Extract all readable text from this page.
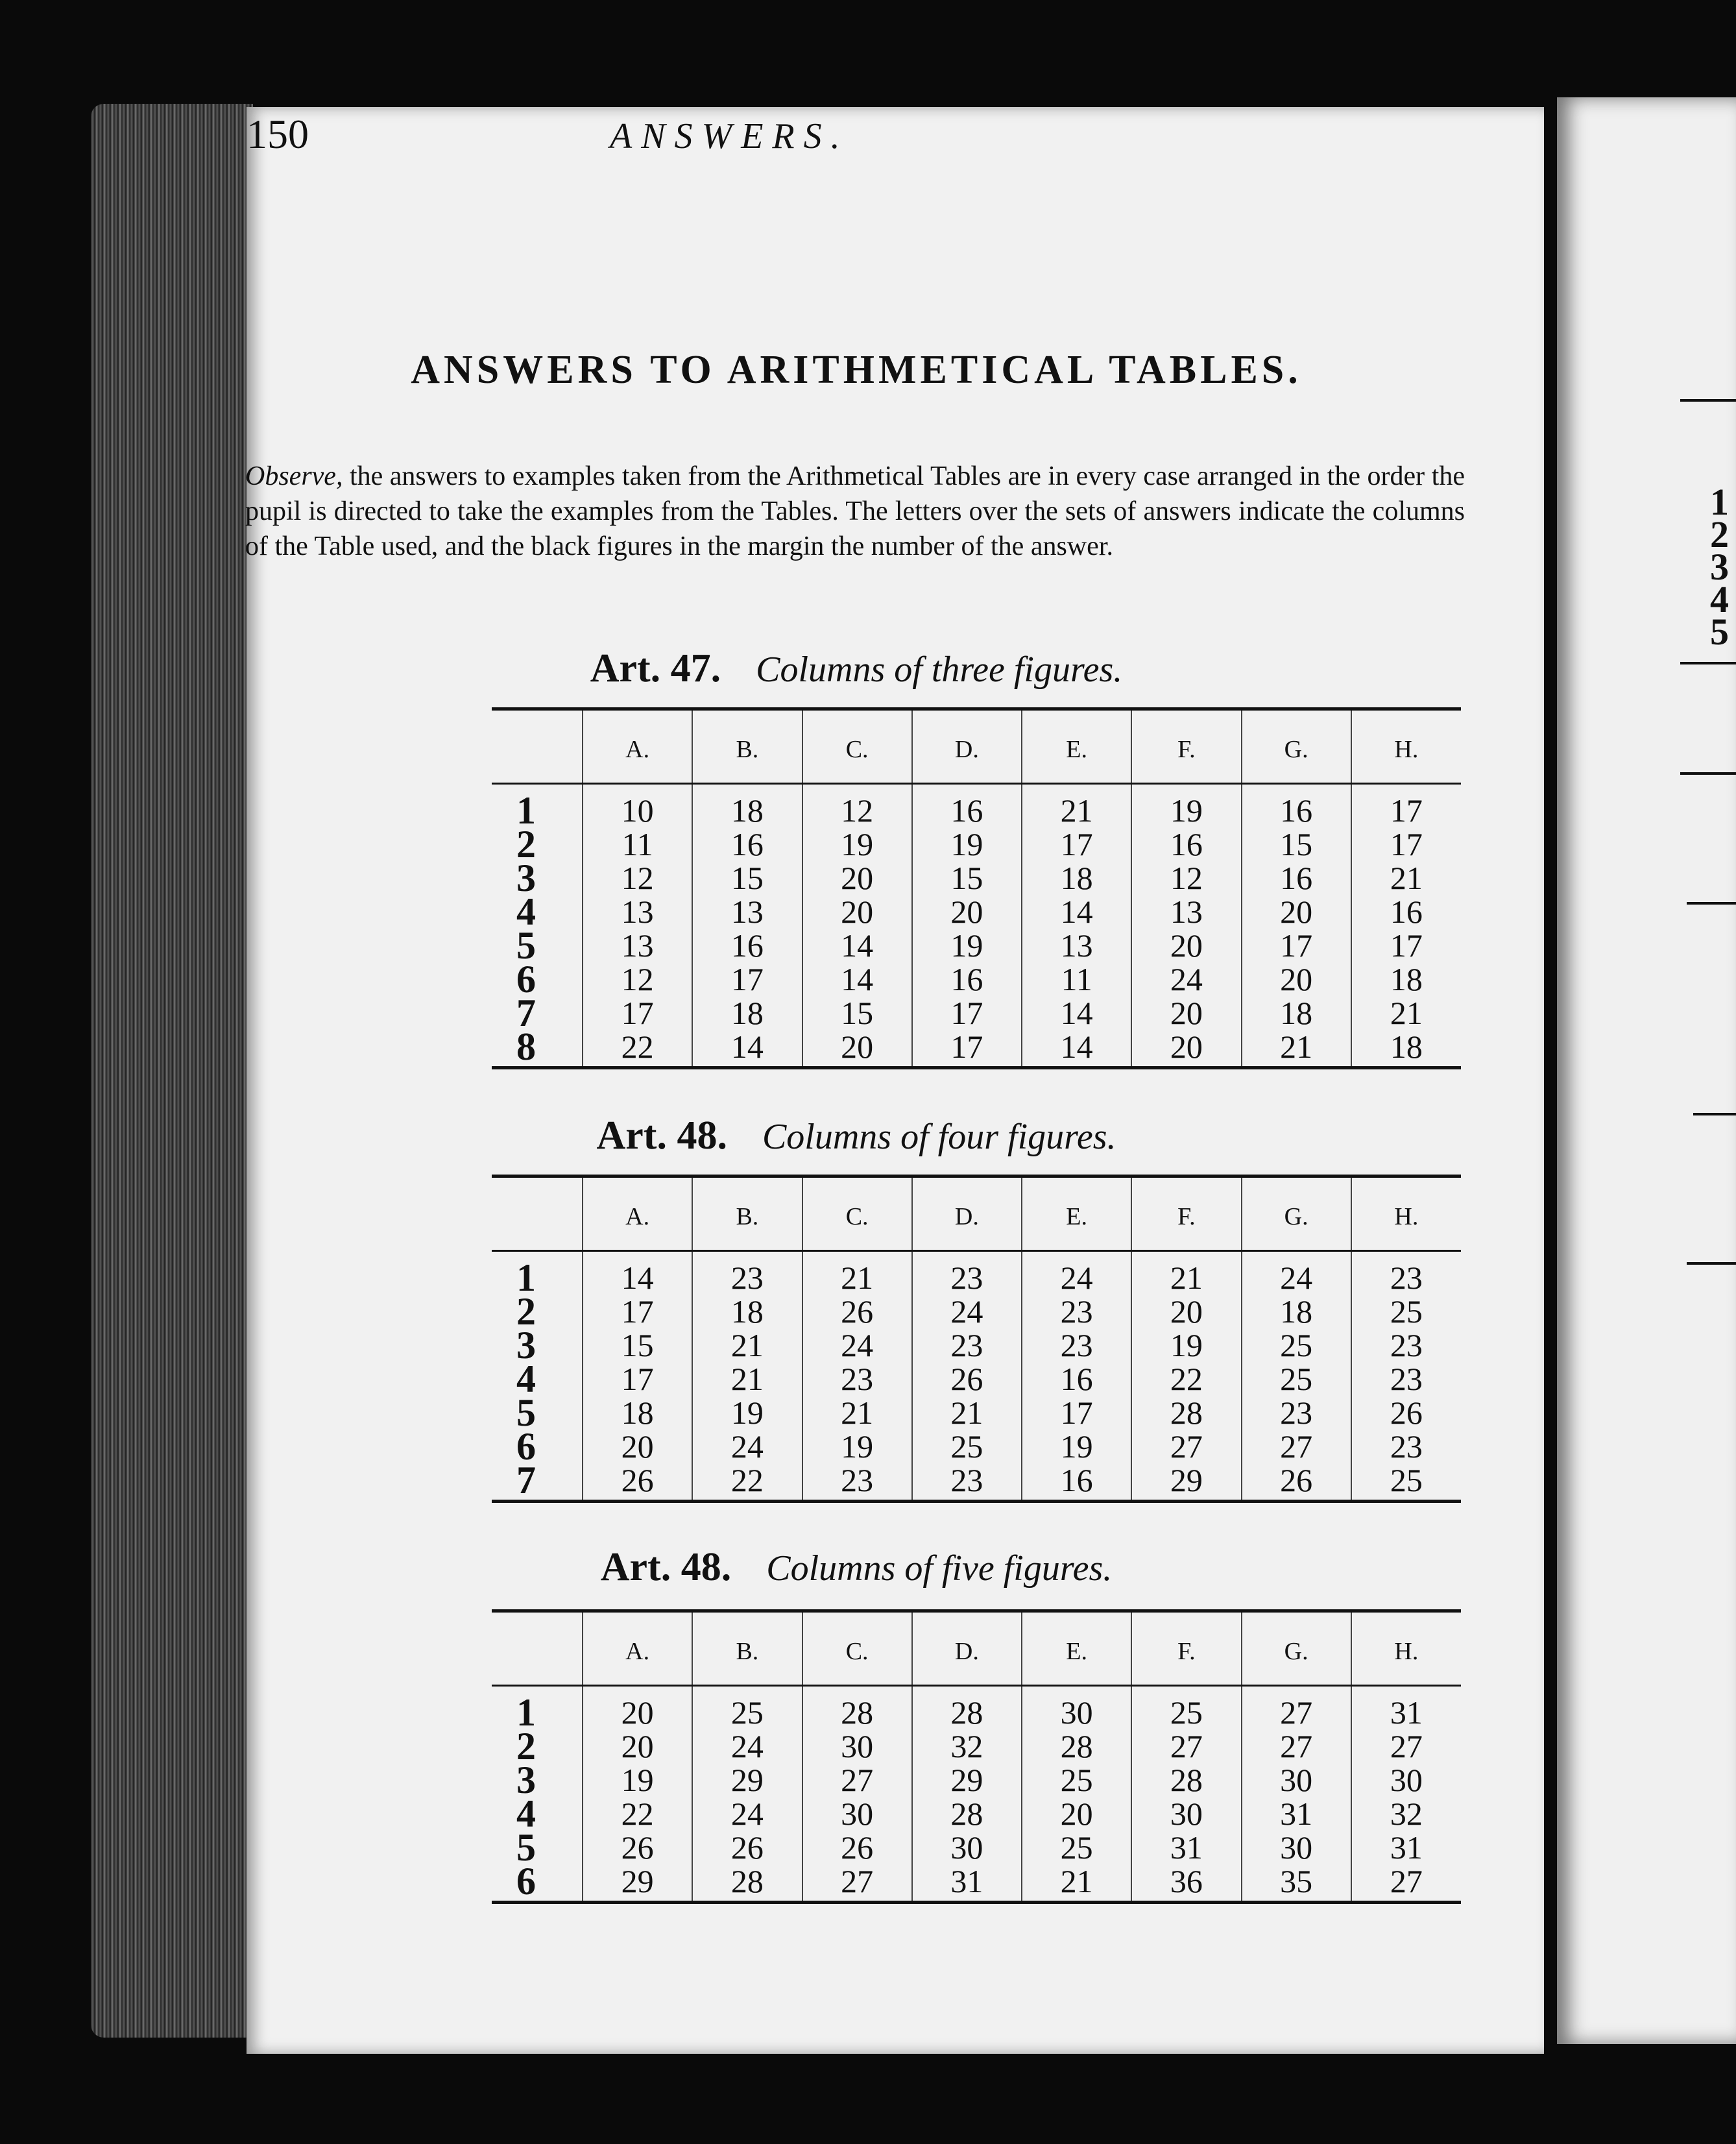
1
2
3
4
5
150	ANSWERS.
ANSWERS TO ARITHMETICAL TABLES.

Observe, the answers to examples taken from the Arithmetical Tables are in every case arranged in the order the pupil is directed to take the examples from the Tables. The letters over the sets of answers indicate the columns of the Table used, and the black figures in the margin the number of the answer.

Art. 47. Columns of three figures.
	A.	B.	C.	D.	E.	F.	G.	H.
1	10	18	12	16	21	19	16	17
2	11	16	19	19	17	16	15	17
3	12	15	20	15	18	12	16	21
4	13	13	20	20	14	13	20	16
5	13	16	14	19	13	20	17	17
6	12	17	14	16	11	24	20	18
7	17	18	15	17	14	20	18	21
8	22	14	20	17	14	20	21	18
Art. 48. Columns of four figures.
	A.	B.	C.	D.	E.	F.	G.	H.
1	14	23	21	23	24	21	24	23
2	17	18	26	24	23	20	18	25
3	15	21	24	23	23	19	25	23
4	17	21	23	26	16	22	25	23
5	18	19	21	21	17	28	23	26
6	20	24	19	25	19	27	27	23
7	26	22	23	23	16	29	26	25
Art. 48. Columns of five figures.
	A.	B.	C.	D.	E.	F.	G.	H.
1	20	25	28	28	30	25	27	31
2	20	24	30	32	28	27	27	27
3	19	29	27	29	25	28	30	30
4	22	24	30	28	20	30	31	32
5	26	26	26	30	25	31	30	31
6	29	28	27	31	21	36	35	27
